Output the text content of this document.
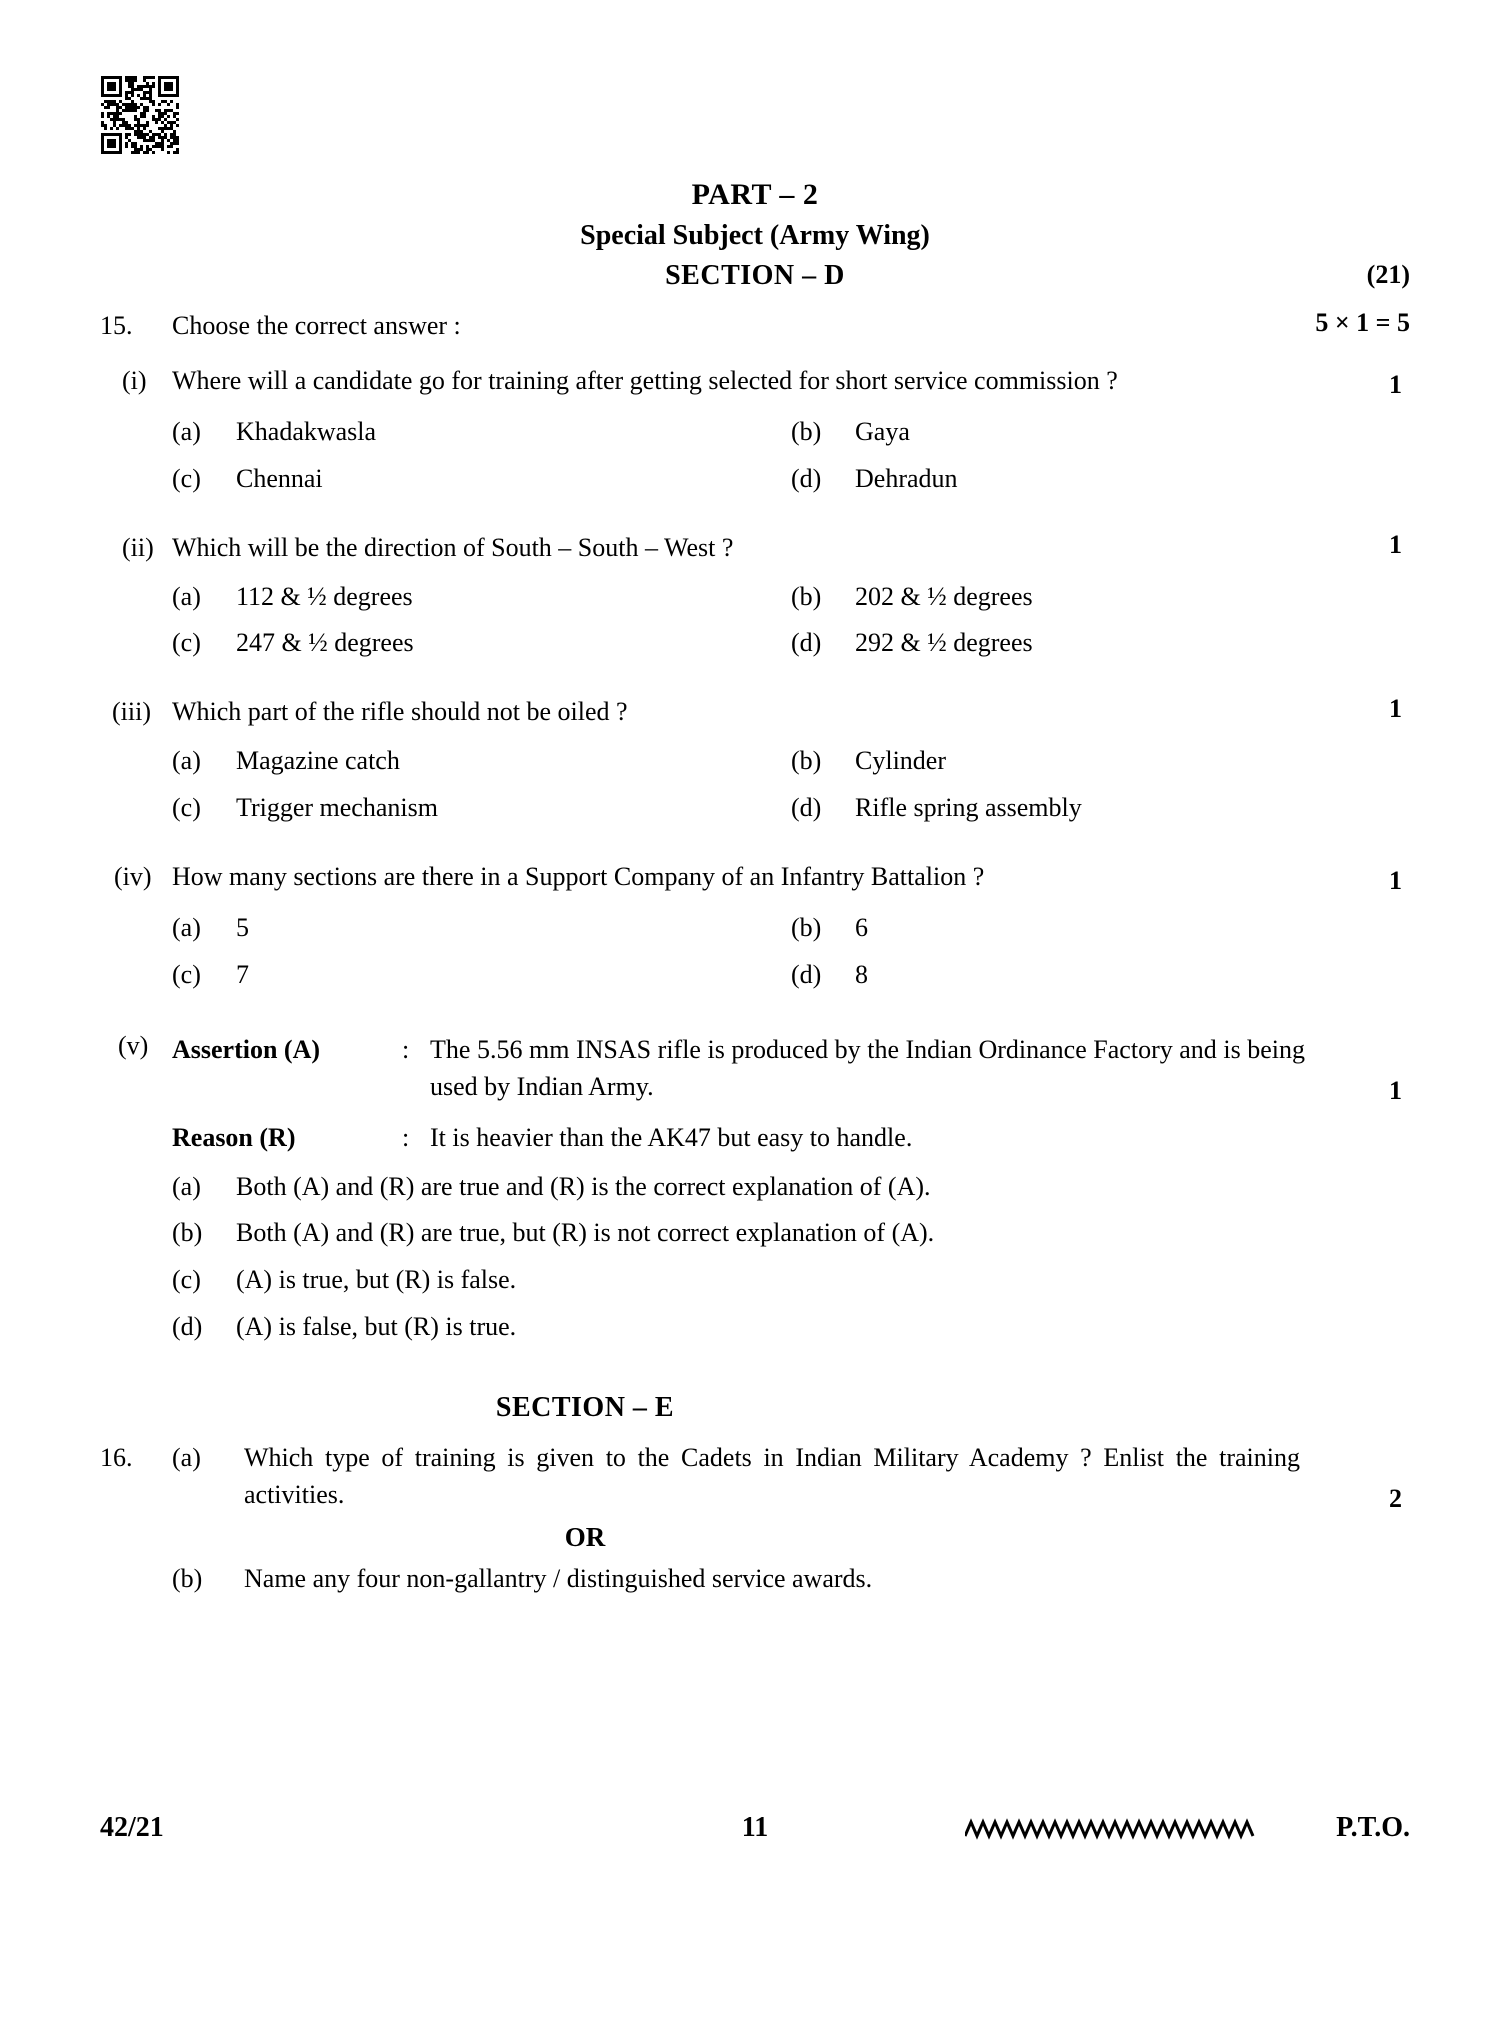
PART – 2
Special Subject (Army Wing)
SECTION – D	(21)
15.	Choose the correct answer :	5 × 1 = 5
(i) Where will a candidate go for training after getting selected for short service commission ?	1
(a)	Khadakwasla	(b)	Gaya
(c)	Chennai	(d)	Dehradun
(ii) Which will be the direction of South – South – West ?	1
(a)	112 & ½ degrees	(b)	202 & ½ degrees
(c)	247 & ½ degrees	(d)	292 & ½ degrees
(iii) Which part of the rifle should not be oiled ?	1
(a)	Magazine catch	(b)	Cylinder
(c)	Trigger mechanism	(d)	Rifle spring assembly
(iv) How many sections are there in a Support Company of an Infantry Battalion ?	1
(a)	5	(b)	6
(c)	7	(d)	8
(v) Assertion (A)	: The 5.56 mm INSAS rifle is produced by the Indian Ordinance Factory and is being used by Indian Army.	1
Reason (R)	: It is heavier than the AK47 but easy to handle.
(a)	Both (A) and (R) are true and (R) is the correct explanation of (A).
(b)	Both (A) and (R) are true, but (R) is not correct explanation of (A).
(c)	(A) is true, but (R) is false.
(d)	(A) is false, but (R) is true.
SECTION – E
16.	(a)	Which type of training is given to the Cadets in Indian Military Academy ? Enlist the training activities.	2
OR
(b)	Name any four non-gallantry / distinguished service awards.
42/21	11	P.T.O.
